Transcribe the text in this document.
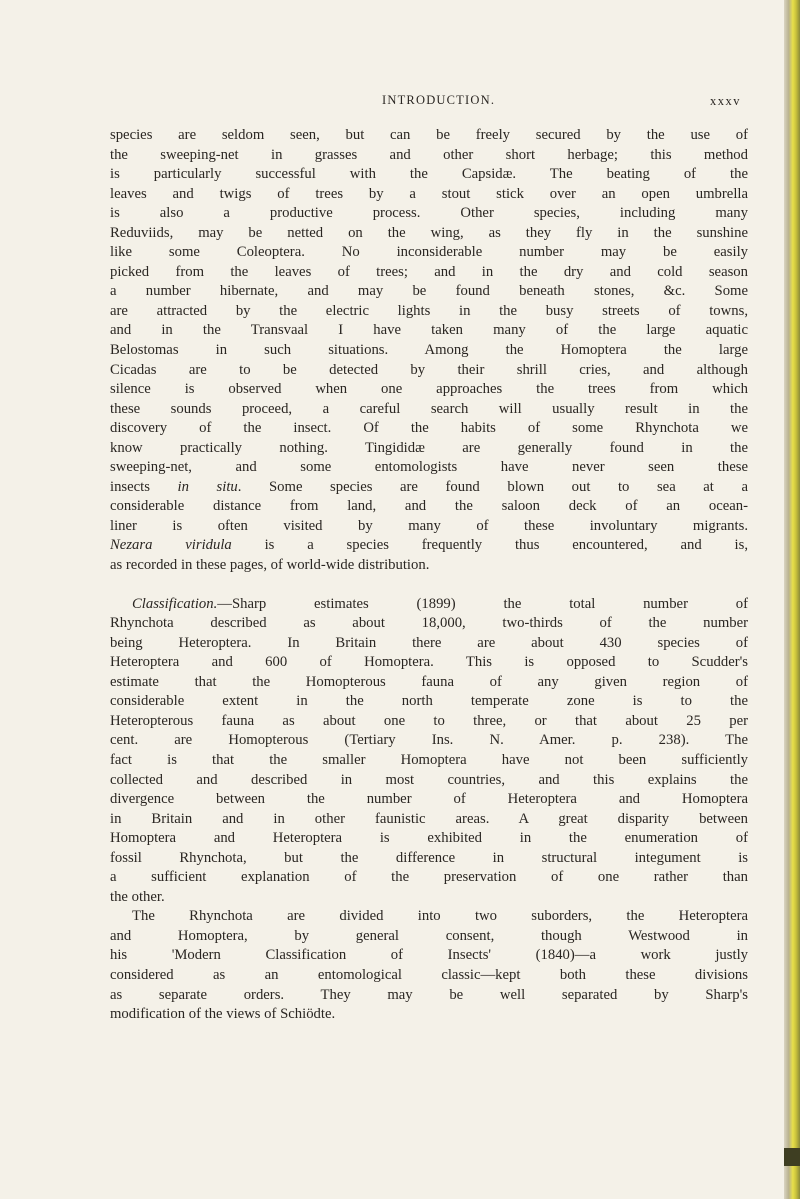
INTRODUCTION.	xxxv
species are seldom seen, but can be freely secured by the use of
the sweeping-net in grasses and other short herbage; this method
is particularly successful with the Capsidæ. The beating of the
leaves and twigs of trees by a stout stick over an open umbrella
is also a productive process. Other species, including many
Reduviids, may be netted on the wing, as they fly in the sunshine
like some Coleoptera. No inconsiderable number may be easily
picked from the leaves of trees; and in the dry and cold season
a number hibernate, and may be found beneath stones, &c. Some
are attracted by the electric lights in the busy streets of towns,
and in the Transvaal I have taken many of the large aquatic
Belostomas in such situations. Among the Homoptera the large
Cicadas are to be detected by their shrill cries, and although
silence is observed when one approaches the trees from which
these sounds proceed, a careful search will usually result in the
discovery of the insect. Of the habits of some Rhynchota we
know practically nothing. Tingididæ are generally found in the
sweeping-net, and some entomologists have never seen these
insects in situ. Some species are found blown out to sea at a
considerable distance from land, and the saloon deck of an ocean-
liner is often visited by many of these involuntary migrants.
Nezara viridula is a species frequently thus encountered, and is,
as recorded in these pages, of world-wide distribution.
Classification.—Sharp estimates (1899) the total number of
Rhynchota described as about 18,000, two-thirds of the number
being Heteroptera. In Britain there are about 430 species of
Heteroptera and 600 of Homoptera. This is opposed to Scudder's
estimate that the Homopterous fauna of any given region of
considerable extent in the north temperate zone is to the
Heteropterous fauna as about one to three, or that about 25 per
cent. are Homopterous (Tertiary Ins. N. Amer. p. 238). The
fact is that the smaller Homoptera have not been sufficiently
collected and described in most countries, and this explains the
divergence between the number of Heteroptera and Homoptera
in Britain and in other faunistic areas. A great disparity between
Homoptera and Heteroptera is exhibited in the enumeration of
fossil Rhynchota, but the difference in structural integument is
a sufficient explanation of the preservation of one rather than
the other.
The Rhynchota are divided into two suborders, the Heteroptera
and Homoptera, by general consent, though Westwood in
his 'Modern Classification of Insects' (1840)—a work justly
considered as an entomological classic—kept both these divisions
as separate orders. They may be well separated by Sharp's
modification of the views of Schiödte.
